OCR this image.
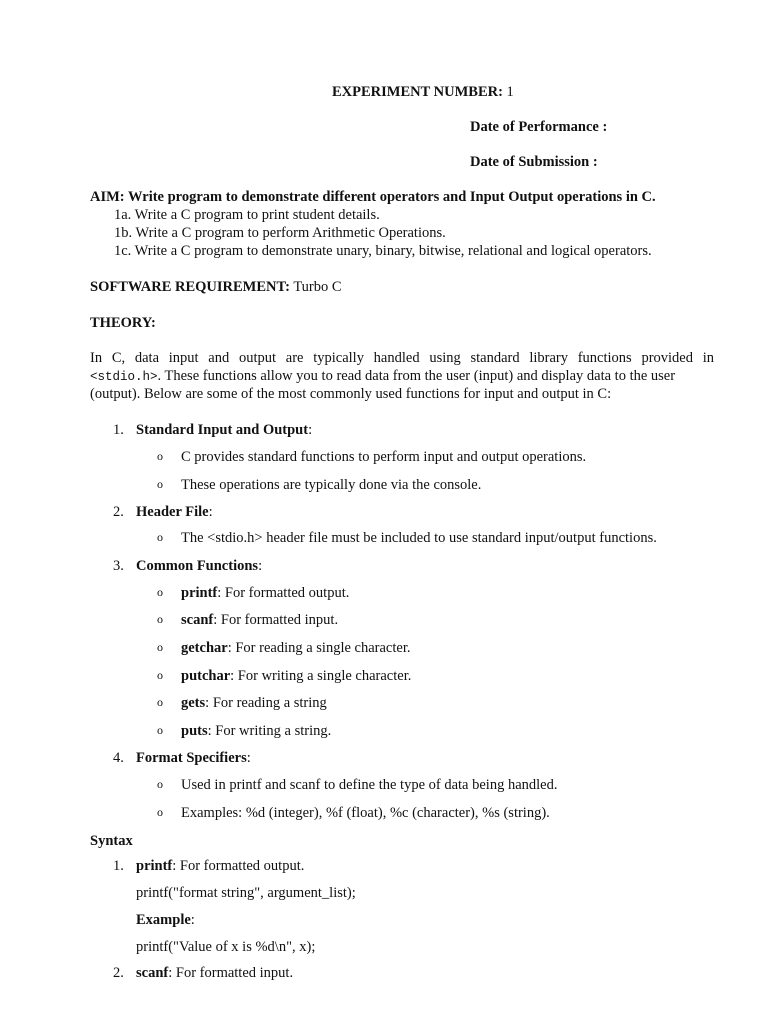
EXPERIMENT NUMBER: 1
Date of Performance :
Date of Submission :
AIM: Write program to demonstrate different operators and Input Output operations in C.
1a. Write a C program to print student details.
1b. Write a C program to perform Arithmetic Operations.
1c. Write a C program to demonstrate unary, binary, bitwise, relational and logical operators.
SOFTWARE REQUIREMENT: Turbo C
THEORY:
In C, data input and output are typically handled using standard library functions provided in
<stdio.h>. These functions allow you to read data from the user (input) and display data to the user
(output). Below are some of the most commonly used functions for input and output in C:
1. Standard Input and Output:
o C provides standard functions to perform input and output operations.
o These operations are typically done via the console.
2. Header File:
o The <stdio.h> header file must be included to use standard input/output functions.
3. Common Functions:
o printf: For formatted output.
o scanf: For formatted input.
o getchar: For reading a single character.
o putchar: For writing a single character.
o gets: For reading a string
o puts: For writing a string.
4. Format Specifiers:
o Used in printf and scanf to define the type of data being handled.
o Examples: %d (integer), %f (float), %c (character), %s (string).
Syntax
1. printf: For formatted output.
printf("format string", argument_list);
Example:
printf("Value of x is %d\n", x);
2. scanf: For formatted input.
